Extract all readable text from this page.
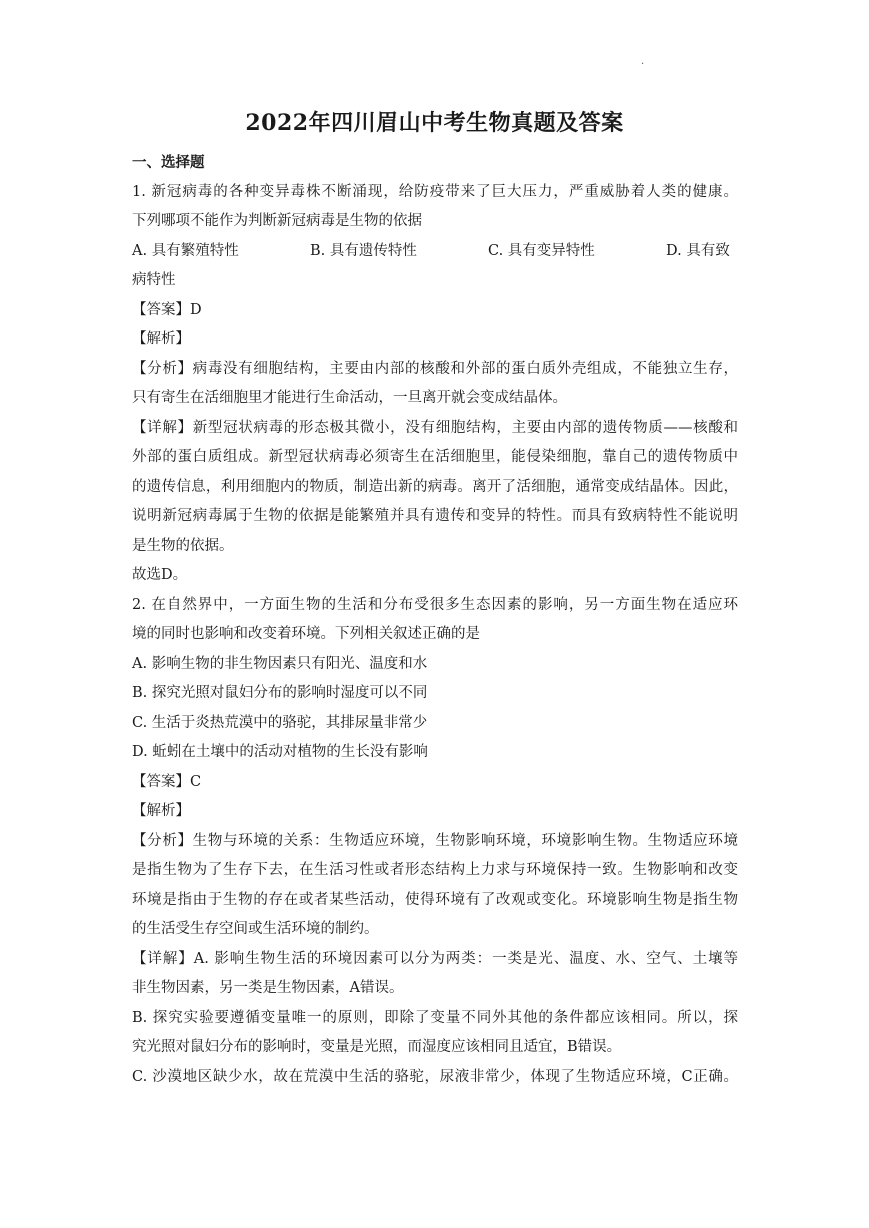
.
2022年四川眉山中考生物真题及答案
一、选择题
1. 新冠病毒的各种变异毒株不断涌现，给防疫带来了巨大压力，严重威胁着人类的健康。
下列哪项不能作为判断新冠病毒是生物的依据
A. 具有繁殖特性	B. 具有遗传特性	C. 具有变异特性	D. 具有致
病特性
【答案】D
【解析】
【分析】病毒没有细胞结构，主要由内部的核酸和外部的蛋白质外壳组成，不能独立生存，
只有寄生在活细胞里才能进行生命活动，一旦离开就会变成结晶体。
【详解】新型冠状病毒的形态极其微小，没有细胞结构，主要由内部的遗传物质——核酸和
外部的蛋白质组成。新型冠状病毒必须寄生在活细胞里，能侵染细胞，靠自己的遗传物质中
的遗传信息，利用细胞内的物质，制造出新的病毒。离开了活细胞，通常变成结晶体。因此，
说明新冠病毒属于生物的依据是能繁殖并具有遗传和变异的特性。而具有致病特性不能说明
是生物的依据。
故选D。
2. 在自然界中，一方面生物的生活和分布受很多生态因素的影响，另一方面生物在适应环
境的同时也影响和改变着环境。下列相关叙述正确的是
A. 影响生物的非生物因素只有阳光、温度和水
B. 探究光照对鼠妇分布的影响时湿度可以不同
C. 生活于炎热荒漠中的骆驼，其排尿量非常少
D. 蚯蚓在土壤中的活动对植物的生长没有影响
【答案】C
【解析】
【分析】生物与环境的关系：生物适应环境，生物影响环境，环境影响生物。生物适应环境
是指生物为了生存下去，在生活习性或者形态结构上力求与环境保持一致。生物影响和改变
环境是指由于生物的存在或者某些活动，使得环境有了改观或变化。环境影响生物是指生物
的生活受生存空间或生活环境的制约。
【详解】A. 影响生物生活的环境因素可以分为两类：一类是光、温度、水、空气、土壤等
非生物因素，另一类是生物因素，A错误。
B. 探究实验要遵循变量唯一的原则，即除了变量不同外其他的条件都应该相同。所以，探
究光照对鼠妇分布的影响时，变量是光照，而湿度应该相同且适宜，B错误。
C. 沙漠地区缺少水，故在荒漠中生活的骆驼，尿液非常少，体现了生物适应环境，C正确。
